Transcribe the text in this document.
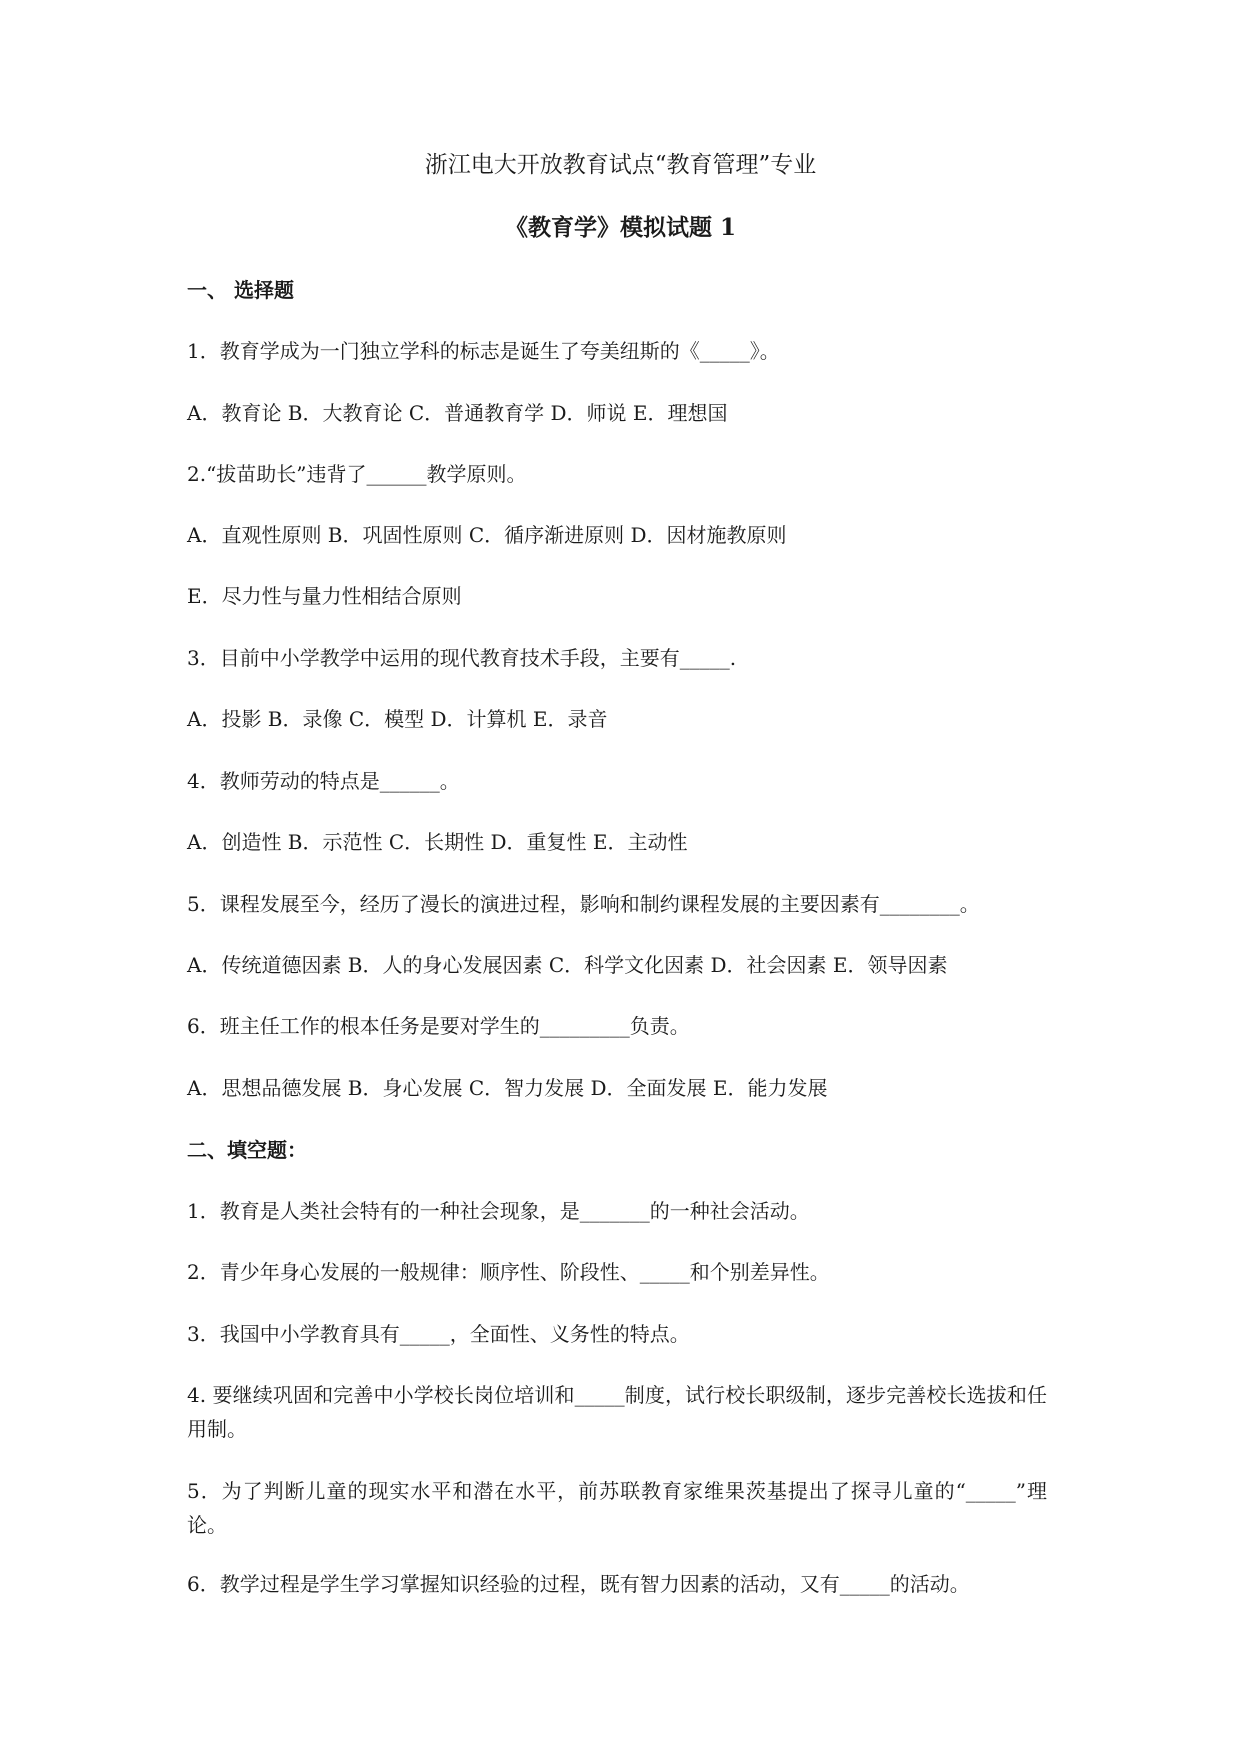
浙江电大开放教育试点“教育管理”专业
《教育学》模拟试题 1
一、 选择题
1．教育学成为一门独立学科的标志是诞生了夸美纽斯的《_____》。
A．教育论 B．大教育论 C．普通教育学 D．师说 E．理想国
2.“拔苗助长”违背了______教学原则。
A．直观性原则 B．巩固性原则 C．循序渐进原则 D．因材施教原则
E．尽力性与量力性相结合原则
3．目前中小学教学中运用的现代教育技术手段，主要有_____.
A．投影 B．录像 C．模型 D．计算机 E．录音
4．教师劳动的特点是______。
A．创造性 B．示范性 C．长期性 D．重复性 E．主动性
5．课程发展至今，经历了漫长的演进过程，影响和制约课程发展的主要因素有________。
A．传统道德因素 B．人的身心发展因素 C．科学文化因素 D．社会因素 E．领导因素
6．班主任工作的根本任务是要对学生的_________负责。
A．思想品德发展 B．身心发展 C．智力发展 D．全面发展 E．能力发展
二、填空题：
1．教育是人类社会特有的一种社会现象，是_______的一种社会活动。
2．青少年身心发展的一般规律：顺序性、阶段性、_____和个别差异性。
3．我国中小学教育具有_____，全面性、义务性的特点。
4. 要继续巩固和完善中小学校长岗位培训和_____制度，试行校长职级制，逐步完善校长选拔和任用制。
5．为了判断儿童的现实水平和潜在水平，前苏联教育家维果茨基提出了探寻儿童的“_____”理论。
6．教学过程是学生学习掌握知识经验的过程，既有智力因素的活动，又有_____的活动。
